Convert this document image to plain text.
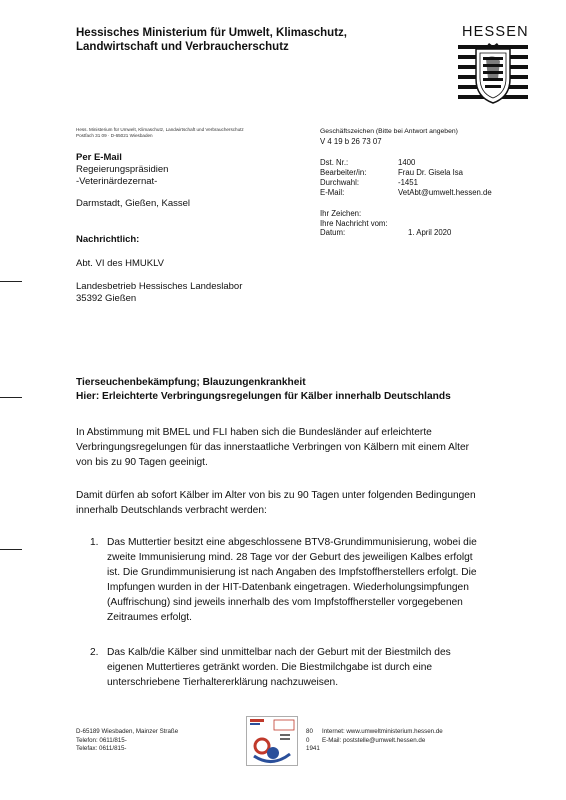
Hessisches Ministerium für Umwelt, Klimaschutz,
Landwirtschaft und Verbraucherschutz
HESSEN
Hess. Ministerium für Umwelt, Klimaschutz, Landwirtschaft und Verbraucherschutz
Postfach 31 09 · D-65021 Wiesbaden
Per E-Mail
Regeierungspräsidien
-Veterinärdezernat-
Darmstadt, Gießen, Kassel
Nachrichtlich:
Abt. VI des HMUKLV
Landesbetrieb Hessisches Landeslabor
35392 Gießen
Geschäftszeichen (Bitte bei Antwort angeben)
V 4 19 b 26 73 07
Dst. Nr.:	1400
Bearbeiter/in:	Frau Dr. Gisela Isa
Durchwahl:	-1451
E-Mail:	VetAbt@umwelt.hessen.de
Ihr Zeichen:
Ihre Nachricht vom:
Datum:	1. April 2020
Tierseuchenbekämpfung; Blauzungenkrankheit
Hier: Erleichterte Verbringungsregelungen für Kälber innerhalb Deutschlands
In Abstimmung mit BMEL und FLI haben sich die Bundesländer auf erleichterte
Verbringungsregelungen für das innerstaatliche Verbringen von Kälbern mit einem Alter
von bis zu 90 Tagen geeinigt.
Damit dürfen ab sofort Kälber im Alter von bis zu 90 Tagen unter folgenden Bedingungen
innerhalb Deutschlands verbracht werden:
1. Das Muttertier besitzt eine abgeschlossene BTV8-Grundimmunisierung, wobei die
zweite Immunisierung mind. 28 Tage vor der Geburt des jeweiligen Kalbes erfolgt
ist. Die Grundimmunisierung ist nach Angaben des Impfstoffherstellers erfolgt. Die
Impfungen wurden in der HIT-Datenbank eingetragen. Wiederholungsimpfungen
(Auffrischung) sind jeweils innerhalb des vom Impfstoffhersteller vorgegebenen
Zeitraumes erfolgt.
2. Das Kalb/die Kälber sind unmittelbar nach der Geburt mit der Biestmilch des
eigenen Muttertieres getränkt worden. Die Biestmilchgabe ist durch eine
unterschriebene Tierhaltererklärung nachzuweisen.
D-65189 Wiesbaden, Mainzer Straße
Telefon: 0611/815-
Telefax: 0611/815-
80
0
1941
Internet: www.umweltministerium.hessen.de
E-Mail: poststelle@umwelt.hessen.de
